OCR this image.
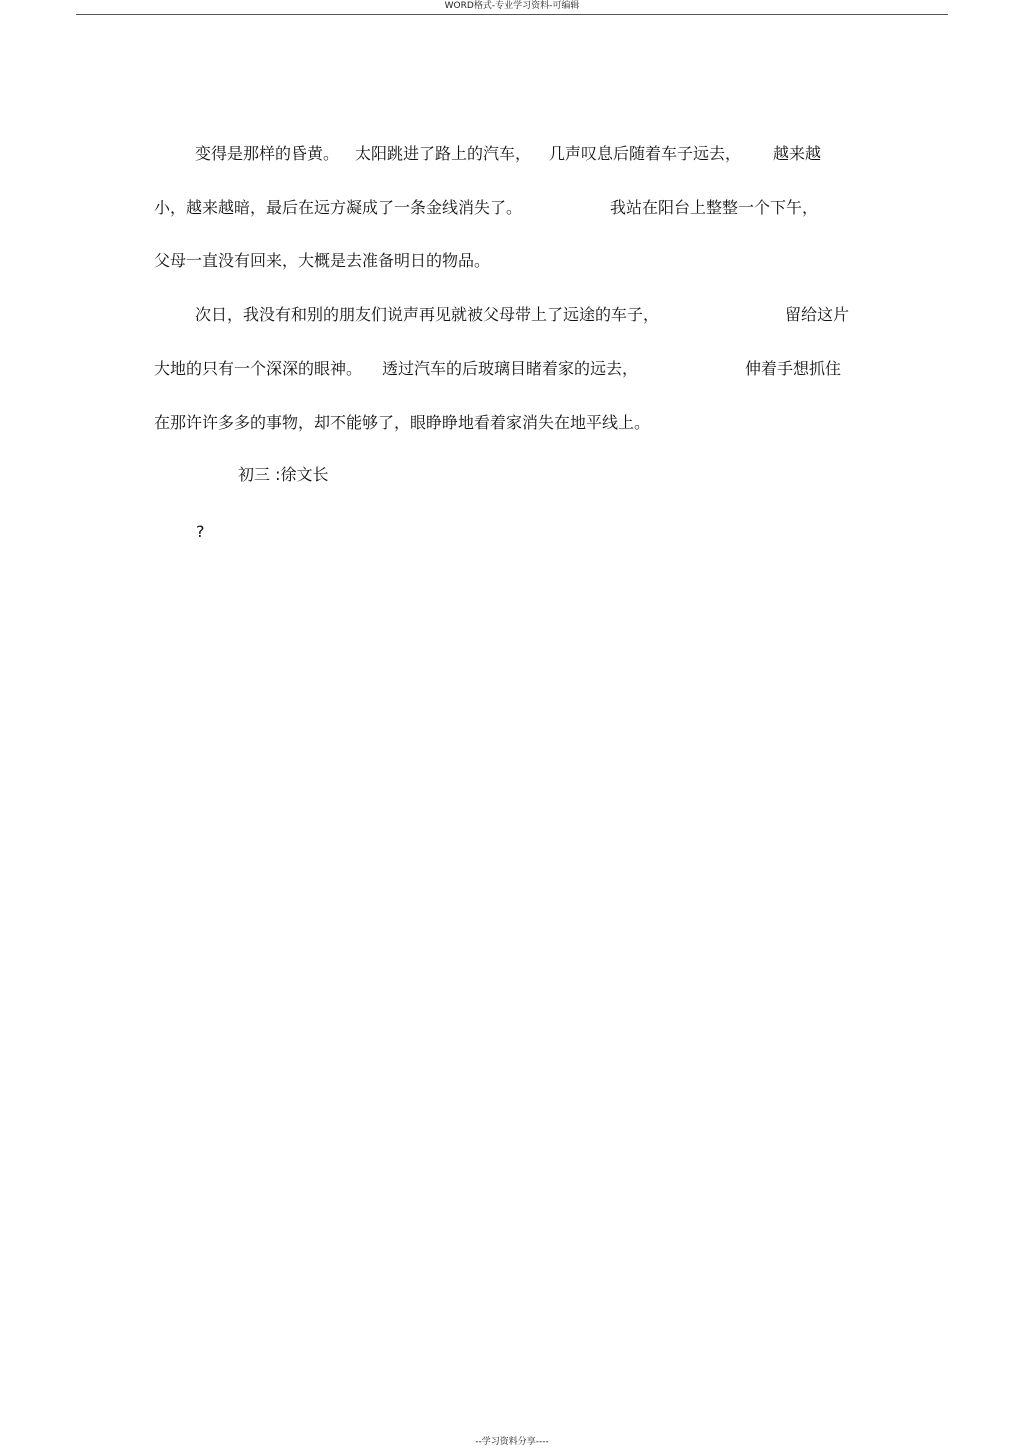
WORD格式-专业学习资料-可编辑
变得是那样的昏黄。 太阳跳进了路上的汽车， 几声叹息后随着车子远去， 越来越
小，越来越暗，最后在远方凝成了一条金线消失了。	我站在阳台上整整一个下午，
父母一直没有回来，大概是去准备明日的物品。
次日，我没有和别的朋友们说声再见就被父母带上了远途的车子，	留给这片
大地的只有一个深深的眼神。 透过汽车的后玻璃目睹着家的远去，	伸着手想抓住
在那许许多多的事物，却不能够了，眼睁睁地看着家消失在地平线上。
初三 :徐文长
?
--学习资料分享----
